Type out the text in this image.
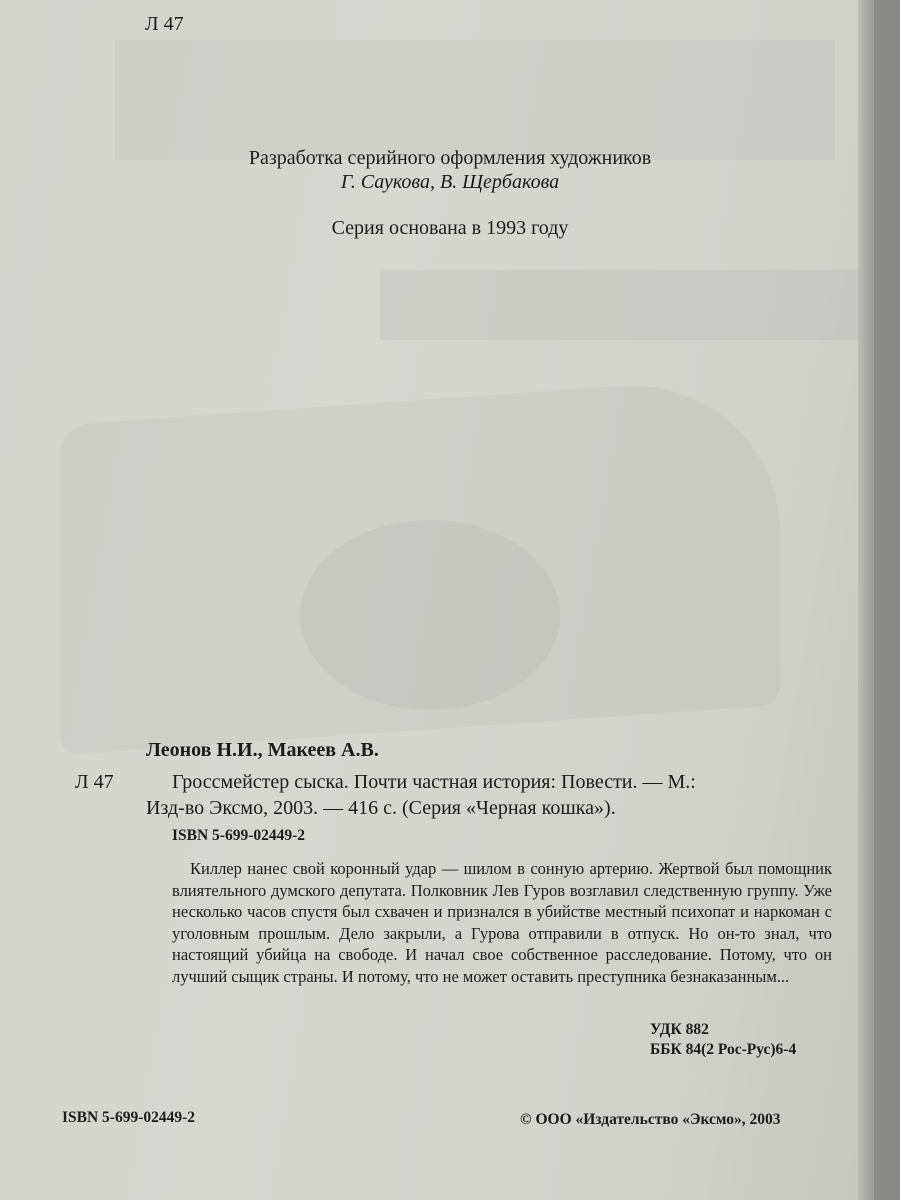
Л 47
Разработка серийного оформления художников
Г. Саукова, В. Щербакова
Серия основана в 1993 году
Леонов Н.И., Макеев А.В.
Л 47	Гроссмейстер сыска. Почти частная история: Повести. — М.:
Изд-во Эксмо, 2003. — 416 с. (Серия «Черная кошка»).
ISBN 5-699-02449-2

Киллер нанес свой коронный удар — шилом в сонную артерию. Жертвой был помощник влиятельного думского депутата. Полковник Лев Гуров возглавил следственную группу. Уже несколько часов спустя был схвачен и признался в убийстве местный психопат и наркоман с уголовным прошлым. Дело закрыли, а Гурова отправили в отпуск. Но он-то знал, что настоящий убийца на свободе. И начал свое собственное расследование. Потому, что он лучший сыщик страны. И потому, что не может оставить преступника безнаказанным...

УДК 882
ББК 84(2 Рос-Рус)6-4
ISBN 5-699-02449-2	© ООО «Издательство «Эксмо», 2003
